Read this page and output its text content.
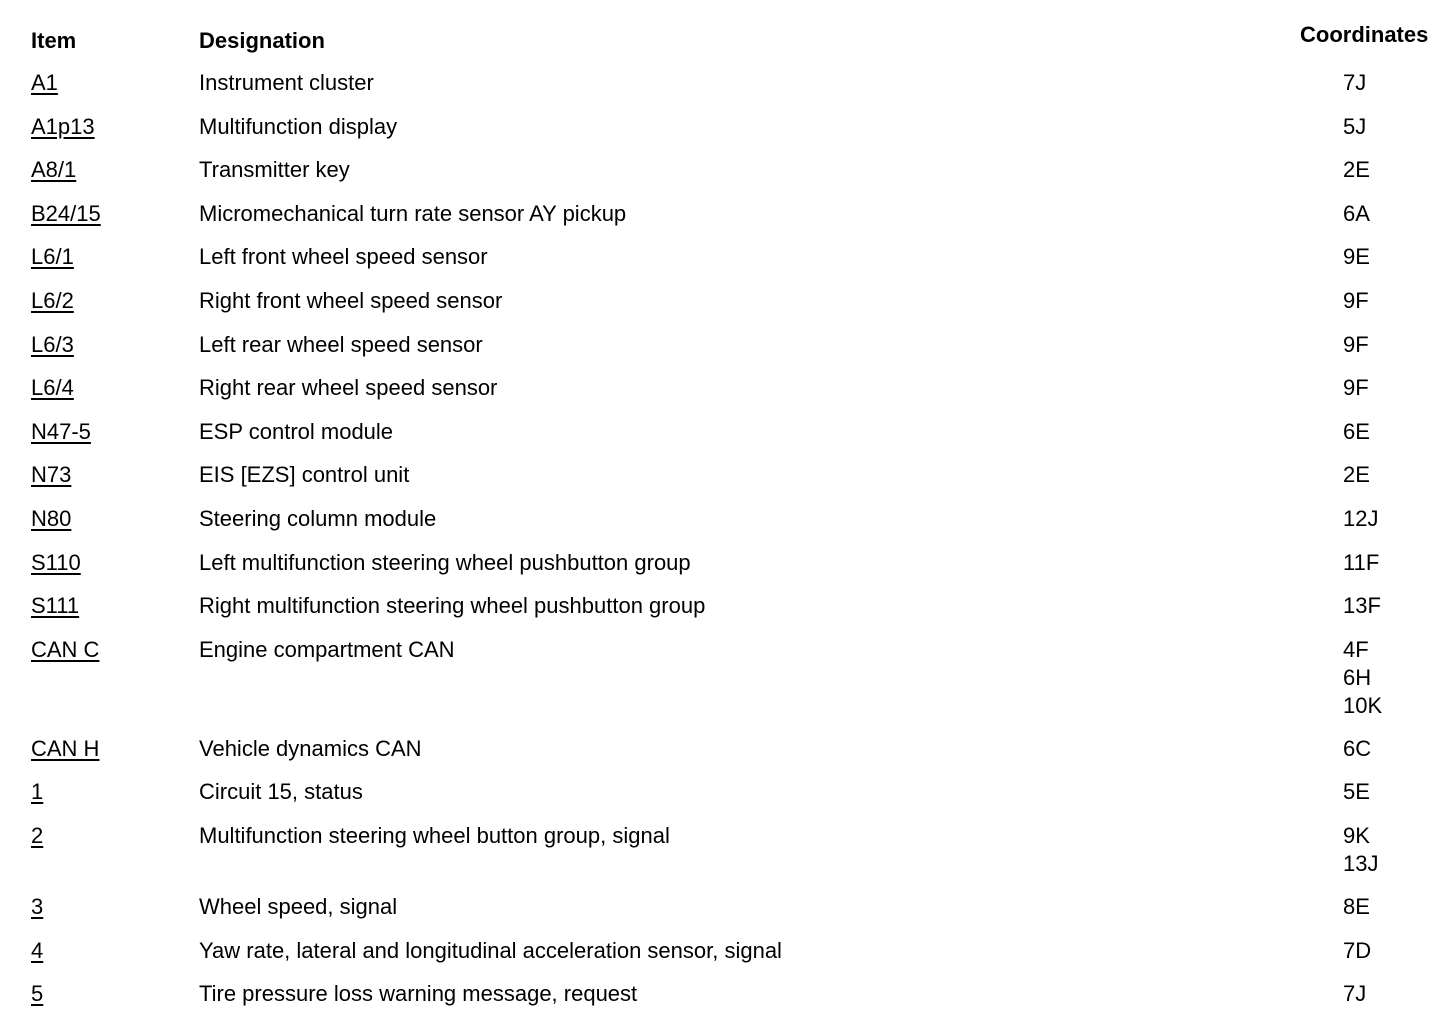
Item	Designation	Coordinates
A1	Instrument cluster	7J
A1p13	Multifunction display	5J
A8/1	Transmitter key	2E
B24/15	Micromechanical turn rate sensor AY pickup	6A
L6/1	Left front wheel speed sensor	9E
L6/2	Right front wheel speed sensor	9F
L6/3	Left rear wheel speed sensor	9F
L6/4	Right rear wheel speed sensor	9F
N47-5	ESP control module	6E
N73	EIS [EZS] control unit	2E
N80	Steering column module	12J
S110	Left multifunction steering wheel pushbutton group	11F
S111	Right multifunction steering wheel pushbutton group	13F
CAN C	Engine compartment CAN	4F
6H
10K
CAN H	Vehicle dynamics CAN	6C
1	Circuit 15, status	5E
2	Multifunction steering wheel button group, signal	9K
13J
3	Wheel speed, signal	8E
4	Yaw rate, lateral and longitudinal acceleration sensor, signal	7D
5	Tire pressure loss warning message, request	7J
